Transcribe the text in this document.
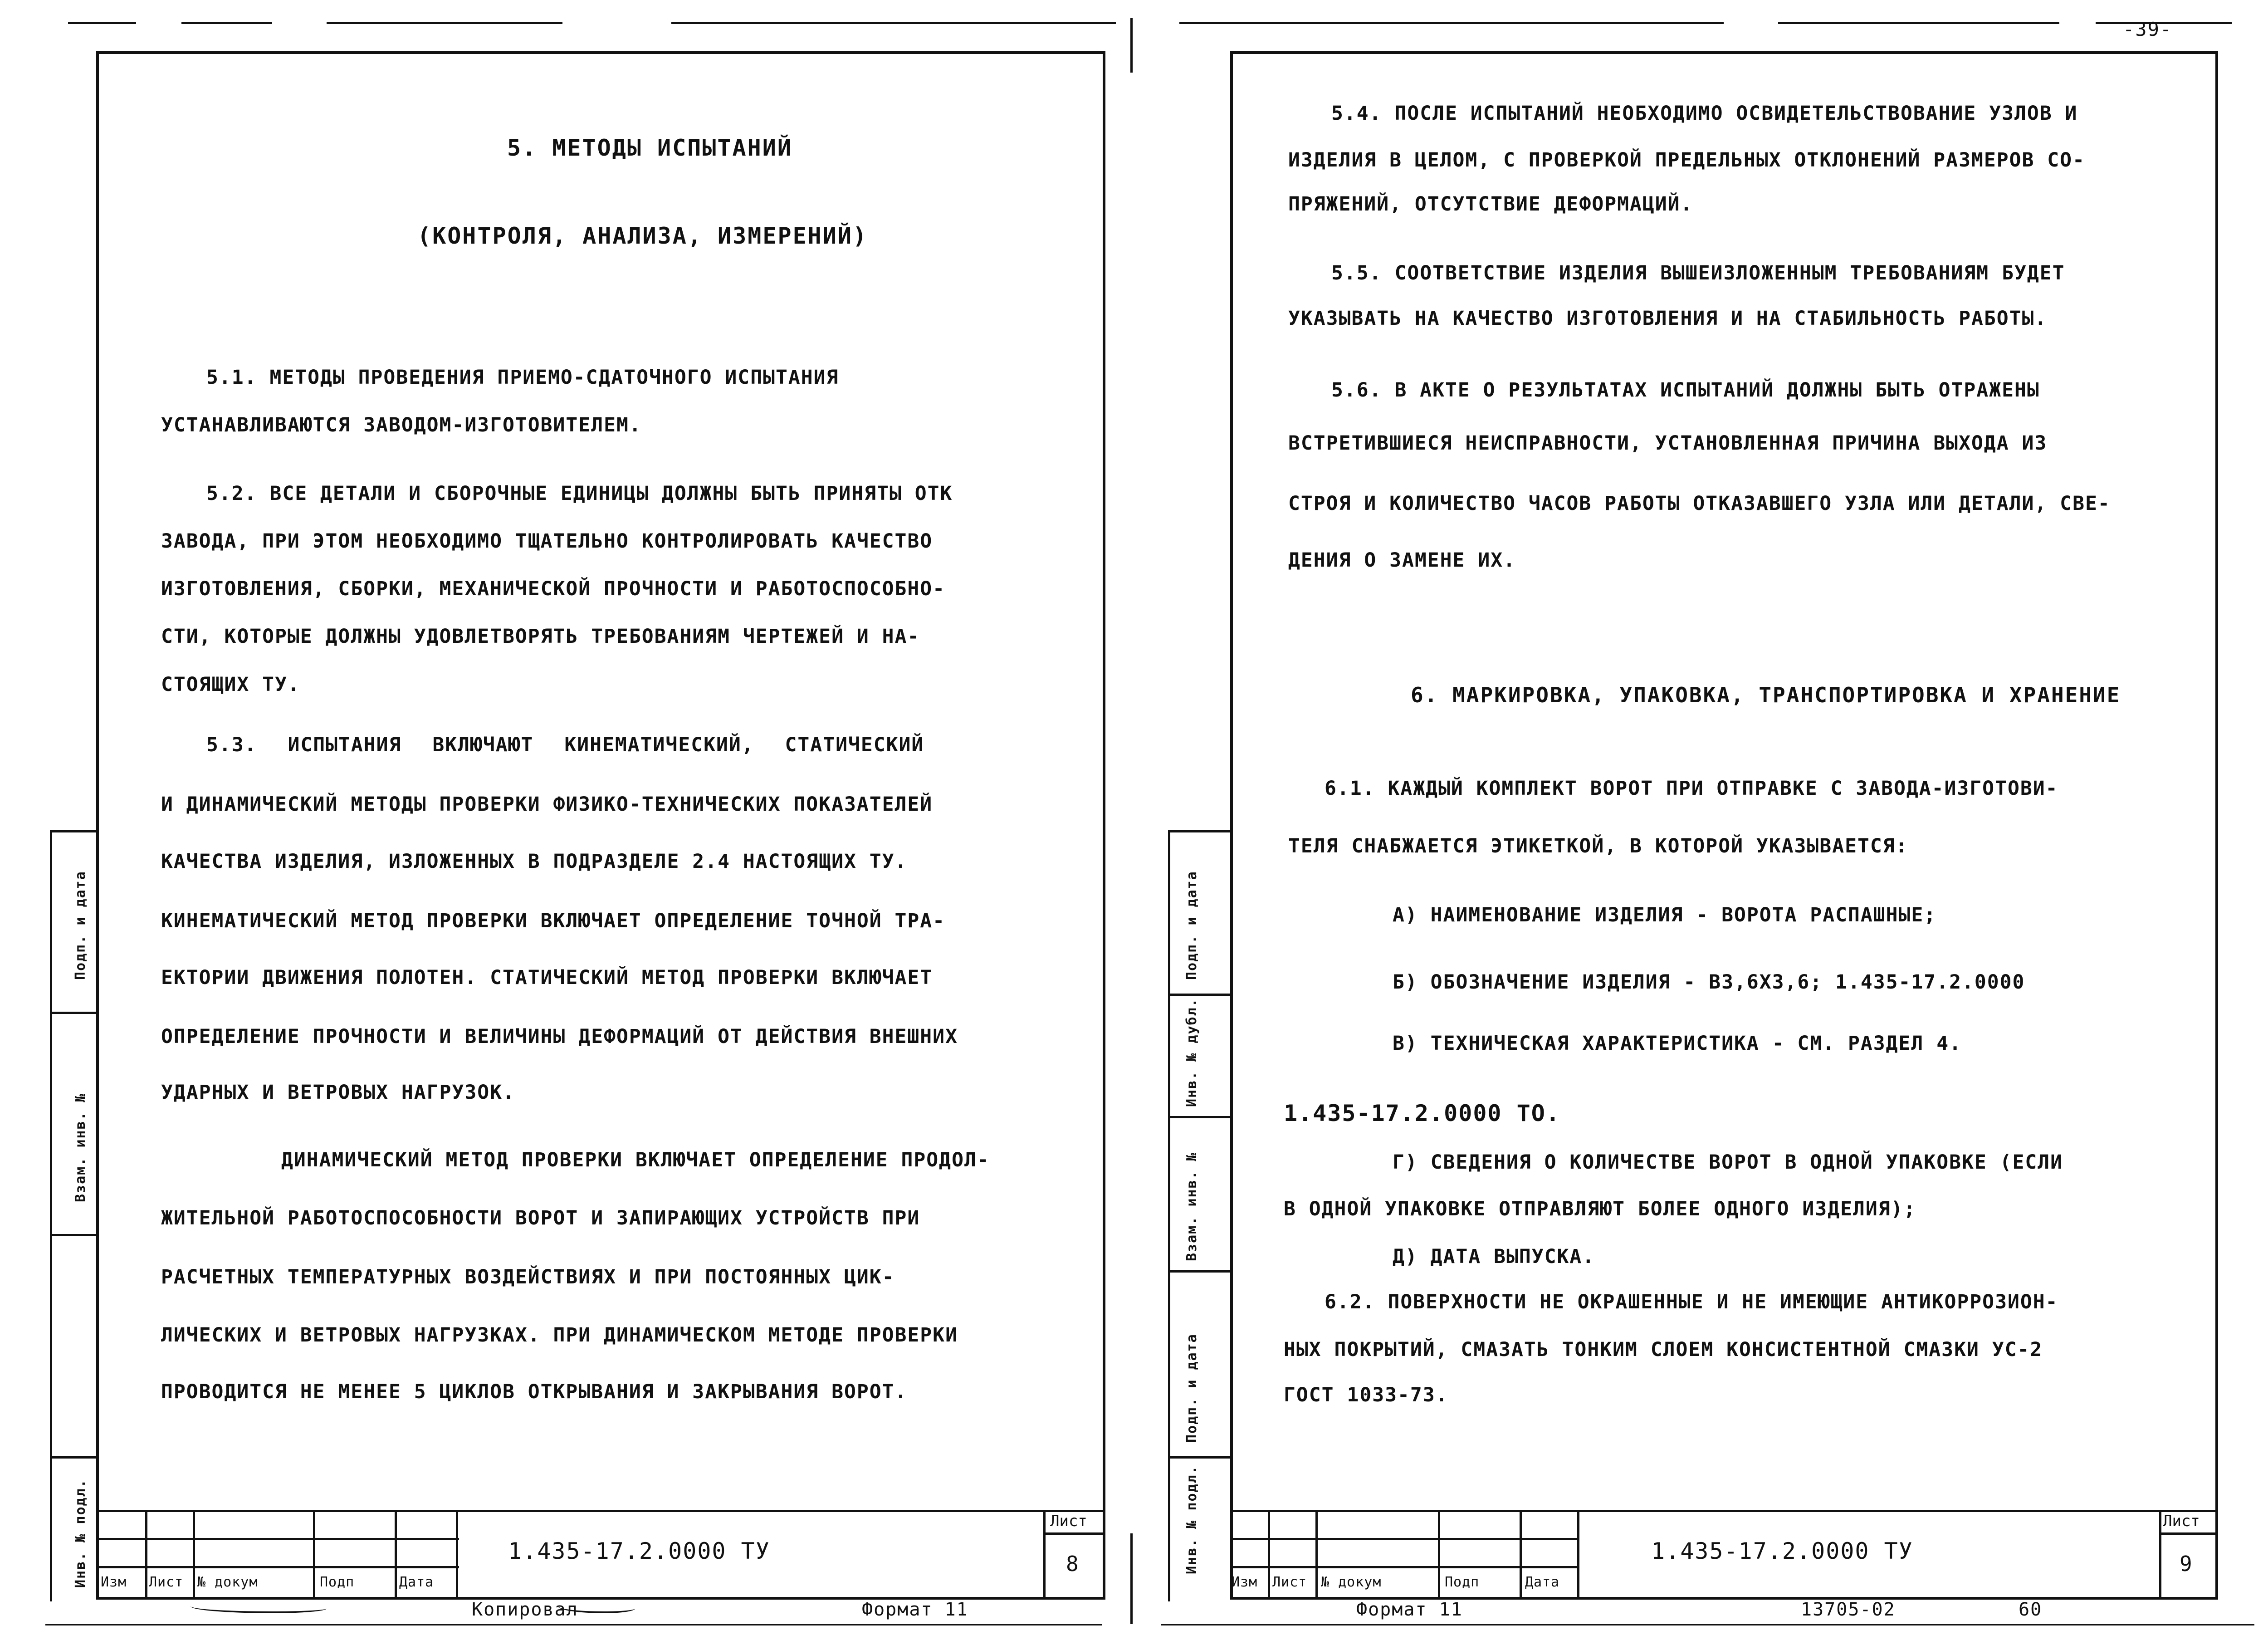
-39-
Инв. № подл.
Взам. инв. №
Подп. и дата
5. МЕТОДЫ ИСПЫТАНИЙ
(КОНТРОЛЯ, АНАЛИЗА, ИЗМЕРЕНИЙ)
5.1. МЕТОДЫ ПРОВЕДЕНИЯ ПРИЕМО-СДАТОЧНОГО ИСПЫТАНИЯ
УСТАНАВЛИВАЮТСЯ ЗАВОДОМ-ИЗГОТОВИТЕЛЕМ.
5.2. ВСЕ ДЕТАЛИ И СБОРОЧНЫЕ ЕДИНИЦЫ ДОЛЖНЫ БЫТЬ ПРИНЯТЫ ОТК
ЗАВОДА, ПРИ ЭТОМ НЕОБХОДИМО ТЩАТЕЛЬНО КОНТРОЛИРОВАТЬ КАЧЕСТВО
ИЗГОТОВЛЕНИЯ, СБОРКИ, МЕХАНИЧЕСКОЙ ПРОЧНОСТИ И РАБОТОСПОСОБНО-
СТИ, КОТОРЫЕ ДОЛЖНЫ УДОВЛЕТВОРЯТЬ ТРЕБОВАНИЯМ ЧЕРТЕЖЕЙ И НА-
СТОЯЩИХ ТУ.
5.3. ИСПЫТАНИЯ ВКЛЮЧАЮТ КИНЕМАТИЧЕСКИЙ, СТАТИЧЕСКИЙ
И ДИНАМИЧЕСКИЙ МЕТОДЫ ПРОВЕРКИ ФИЗИКО-ТЕХНИЧЕСКИХ ПОКАЗАТЕЛЕЙ
КАЧЕСТВА ИЗДЕЛИЯ, ИЗЛОЖЕННЫХ В ПОДРАЗДЕЛЕ 2.4 НАСТОЯЩИХ ТУ.
КИНЕМАТИЧЕСКИЙ МЕТОД ПРОВЕРКИ ВКЛЮЧАЕТ ОПРЕДЕЛЕНИЕ ТОЧНОЙ ТРА-
ЕКТОРИИ ДВИЖЕНИЯ ПОЛОТЕН. СТАТИЧЕСКИЙ МЕТОД ПРОВЕРКИ ВКЛЮЧАЕТ
ОПРЕДЕЛЕНИЕ ПРОЧНОСТИ И ВЕЛИЧИНЫ ДЕФОРМАЦИЙ ОТ ДЕЙСТВИЯ ВНЕШНИХ
УДАРНЫХ И ВЕТРОВЫХ НАГРУЗОК.
ДИНАМИЧЕСКИЙ МЕТОД ПРОВЕРКИ ВКЛЮЧАЕТ ОПРЕДЕЛЕНИЕ ПРОДОЛ-
ЖИТЕЛЬНОЙ РАБОТОСПОСОБНОСТИ ВОРОТ И ЗАПИРАЮЩИХ УСТРОЙСТВ ПРИ
РАСЧЕТНЫХ ТЕМПЕРАТУРНЫХ ВОЗДЕЙСТВИЯХ И ПРИ ПОСТОЯННЫХ ЦИК-
ЛИЧЕСКИХ И ВЕТРОВЫХ НАГРУЗКАХ. ПРИ ДИНАМИЧЕСКОМ МЕТОДЕ ПРОВЕРКИ
ПРОВОДИТСЯ НЕ МЕНЕЕ 5 ЦИКЛОВ ОТКРЫВАНИЯ И ЗАКРЫВАНИЯ ВОРОТ.
Изм Лист № докум	Подп	Дата
1.435-17.2.0000 ТУ
Лист
8
Копировал	Формат 11
Инв. № подл.
Подп. и дата
Взам. инв. №
Инв. № дубл.
Подп. и дата
5.4. ПОСЛЕ ИСПЫТАНИЙ НЕОБХОДИМО ОСВИДЕТЕЛЬСТВОВАНИЕ УЗЛОВ И
ИЗДЕЛИЯ В ЦЕЛОМ, С ПРОВЕРКОЙ ПРЕДЕЛЬНЫХ ОТКЛОНЕНИЙ РАЗМЕРОВ СО-
ПРЯЖЕНИЙ, ОТСУТСТВИЕ ДЕФОРМАЦИЙ.
5.5. СООТВЕТСТВИЕ ИЗДЕЛИЯ ВЫШЕИЗЛОЖЕННЫМ ТРЕБОВАНИЯМ БУДЕТ
УКАЗЫВАТЬ НА КАЧЕСТВО ИЗГОТОВЛЕНИЯ И НА СТАБИЛЬНОСТЬ РАБОТЫ.
5.6. В АКТЕ О РЕЗУЛЬТАТАХ ИСПЫТАНИЙ ДОЛЖНЫ БЫТЬ ОТРАЖЕНЫ
ВСТРЕТИВШИЕСЯ НЕИСПРАВНОСТИ, УСТАНОВЛЕННАЯ ПРИЧИНА ВЫХОДА ИЗ
СТРОЯ И КОЛИЧЕСТВО ЧАСОВ РАБОТЫ ОТКАЗАВШЕГО УЗЛА ИЛИ ДЕТАЛИ, СВЕ-
ДЕНИЯ О ЗАМЕНЕ ИХ.
6. МАРКИРОВКА, УПАКОВКА, ТРАНСПОРТИРОВКА И ХРАНЕНИЕ
6.1. КАЖДЫЙ КОМПЛЕКТ ВОРОТ ПРИ ОТПРАВКЕ С ЗАВОДА-ИЗГОТОВИ-
ТЕЛЯ СНАБЖАЕТСЯ ЭТИКЕТКОЙ, В КОТОРОЙ УКАЗЫВАЕТСЯ:
А) НАИМЕНОВАНИЕ ИЗДЕЛИЯ - ВОРОТА РАСПАШНЫЕ;
Б) ОБОЗНАЧЕНИЕ ИЗДЕЛИЯ - В3,6Х3,6; 1.435-17.2.0000
В) ТЕХНИЧЕСКАЯ ХАРАКТЕРИСТИКА - СМ. РАЗДЕЛ 4.
1.435-17.2.0000 ТО.
Г) СВЕДЕНИЯ О КОЛИЧЕСТВЕ ВОРОТ В ОДНОЙ УПАКОВКЕ (ЕСЛИ
В ОДНОЙ УПАКОВКЕ ОТПРАВЛЯЮТ БОЛЕЕ ОДНОГО ИЗДЕЛИЯ);
Д) ДАТА ВЫПУСКА.
6.2. ПОВЕРХНОСТИ НЕ ОКРАШЕННЫЕ И НЕ ИМЕЮЩИЕ АНТИКОРРОЗИОН-
НЫХ ПОКРЫТИЙ, СМАЗАТЬ ТОНКИМ СЛОЕМ КОНСИСТЕНТНОЙ СМАЗКИ УС-2
ГОСТ 1033-73.
Изм Лист № докум	Подп	Дата
1.435-17.2.0000 ТУ
Лист
9
Формат 11	13705-02	60
